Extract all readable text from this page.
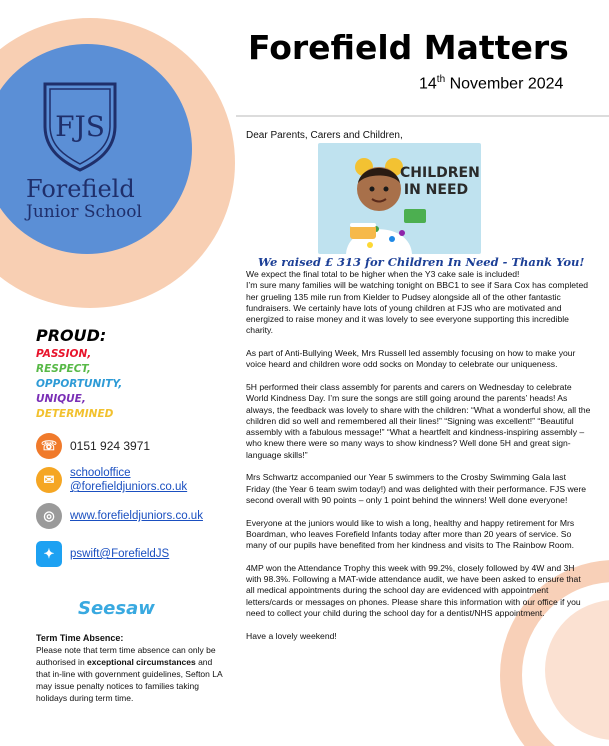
FJS
Forefield
Junior School
Forefield Matters
14th November 2024
PROUD:
PASSION,
RESPECT,
OPPORTUNITY,
UNIQUE,
DETERMINED
☏	0151 924 3971
✉	schooloffice
@forefieldjuniors.co.uk
◎	www.forefieldjuniors.co.uk
✦	pswift@ForefieldJS
Seesaw
Term Time Absence:
Please note that term time absence can only be authorised in exceptional circumstances and that in-line with government guidelines, Sefton LA may issue penalty notices to families taking holidays during term time.
Dear Parents, Carers and Children,
CHILDREN IN NEED
We raised £ 313 for Children In Need - Thank You!

We expect the final total to be higher when the Y3 cake sale is included!
I’m sure many families will be watching tonight on BBC1 to see if Sara Cox has completed her grueling 135 mile run from Kielder to Pudsey alongside all of the other fantastic fundraisers. We certainly have lots of young children at FJS who are motivated and energized to raise money and it was lovely to see everyone supporting this incredible charity.

As part of Anti-Bullying Week, Mrs Russell led assembly focusing on how to make your voice heard and children wore odd socks on Monday to celebrate our uniqueness.

5H performed their class assembly for parents and carers on Wednesday to celebrate World Kindness Day. I’m sure the songs are still going around the parents’ heads! As always, the feedback was lovely to share with the children: “What a wonderful show, all the children did so well and remembered all their lines!” “Signing was excellent!” “Beautiful assembly with a fabulous message!” “What a heartfelt and kindness-inspiring assembly – who knew there were so many ways to show kindness? Well done 5H and great sign-language skills!”

Mrs Schwartz accompanied our Year 5 swimmers to the Crosby Swimming Gala last Friday (the Year 6 team swim today!) and was delighted with their performance. FJS were second overall with 90 points – only 1 point behind the winners! Well done everyone!

Everyone at the juniors would like to wish a long, healthy and happy retirement for Mrs Boardman, who leaves Forefield Infants today after more than 20 years of service. So many of our pupils have benefited from her kindness and visits to The Rainbow Room.

4MP won the Attendance Trophy this week with 99.2%, closely followed by 4W and 3H with 98.3%. Following a MAT-wide attendance audit, we have been asked to ensure that all medical appointments during the school day are evidenced with appointment letters/cards or messages on phones. Please share this information with our office if you need to collect your child during the school day for a dentist/NHS appointment.

Have a lovely weekend!
